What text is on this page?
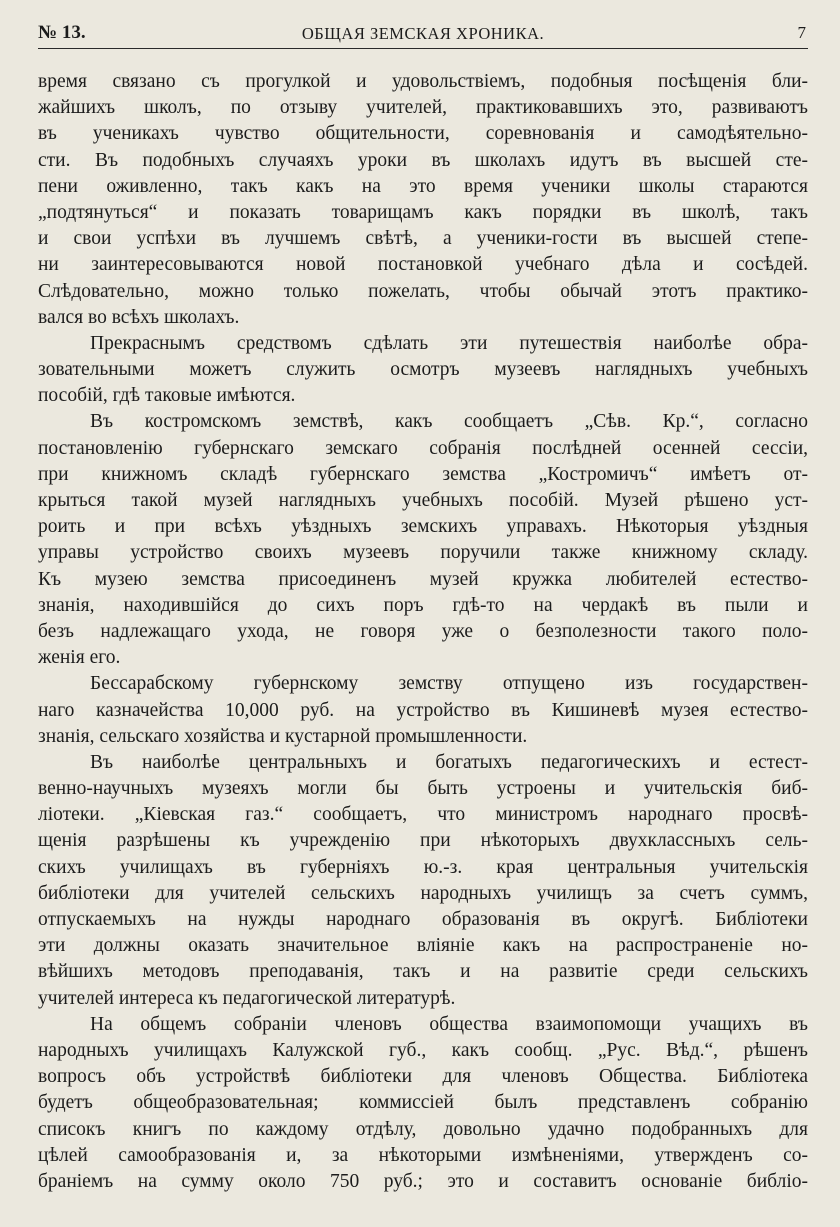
№ 13.	ОБЩАЯ ЗЕМСКАЯ ХРОНИКА.	7
время связано съ прогулкой и удовольствіемъ, подобныя посѣщенія бли-
жайшихъ школъ, по отзыву учителей, практиковавшихъ это, развиваютъ
въ ученикахъ чувство общительности, соревнованія и самодѣятельно-
сти. Въ подобныхъ случаяхъ уроки въ школахъ идутъ въ высшей сте-
пени оживленно, такъ какъ на это время ученики школы стараются
„подтянуться“ и показать товарищамъ какъ порядки въ школѣ, такъ
и свои успѣхи въ лучшемъ свѣтѣ, а ученики-гости въ высшей степе-
ни заинтересовываются новой постановкой учебнаго дѣла и сосѣдей.
Слѣдовательно, можно только пожелать, чтобы обычай этотъ практико-
вался во всѣхъ школахъ.
Прекраснымъ средствомъ сдѣлать эти путешествія наиболѣе обра-
зовательными можетъ служить осмотръ музеевъ наглядныхъ учебныхъ
пособій, гдѣ таковые имѣются.
Въ костромскомъ земствѣ, какъ сообщаетъ „Сѣв. Кр.“, согласно
постановленію губернскаго земскаго собранія послѣдней осенней сессіи,
при книжномъ складѣ губернскаго земства „Костромичъ“ имѣетъ от-
крыться такой музей наглядныхъ учебныхъ пособій. Музей рѣшено уст-
роить и при всѣхъ уѣздныхъ земскихъ управахъ. Нѣкоторыя уѣздныя
управы устройство своихъ музеевъ поручили также книжному складу.
Къ музею земства присоединенъ музей кружка любителей естество-
знанія, находившійся до сихъ поръ гдѣ-то на чердакѣ въ пыли и
безъ надлежащаго ухода, не говоря уже о безполезности такого поло-
женія его.
Бессарабскому губернскому земству отпущено изъ государствен-
наго казначейства 10,000 руб. на устройство въ Кишиневѣ музея естество-
знанія, сельскаго хозяйства и кустарной промышленности.
Въ наиболѣе центральныхъ и богатыхъ педагогическихъ и естест-
венно-научныхъ музеяхъ могли бы быть устроены и учительскія биб-
ліотеки. „Кіевская газ.“ сообщаетъ, что министромъ народнаго просвѣ-
щенія разрѣшены къ учрежденію при нѣкоторыхъ двухклассныхъ сель-
скихъ училищахъ въ губерніяхъ ю.-з. края центральныя учительскія
библіотеки для учителей сельскихъ народныхъ училищъ за счетъ суммъ,
отпускаемыхъ на нужды народнаго образованія въ округѣ. Библіотеки
эти должны оказать значительное вліяніе какъ на распространеніе но-
вѣйшихъ методовъ преподаванія, такъ и на развитіе среди сельскихъ
учителей интереса къ педагогической литературѣ.
На общемъ собраніи членовъ общества взаимопомощи учащихъ въ
народныхъ училищахъ Калужской губ., какъ сообщ. „Рус. Вѣд.“, рѣшенъ
вопросъ объ устройствѣ библіотеки для членовъ Общества. Библіотека
будетъ общеобразовательная; коммиссіей былъ представленъ собранію
списокъ книгъ по каждому отдѣлу, довольно удачно подобранныхъ для
цѣлей самообразованія и, за нѣкоторыми измѣненіями, утвержденъ со-
браніемъ на сумму около 750 руб.; это и составитъ основаніе библіо-
